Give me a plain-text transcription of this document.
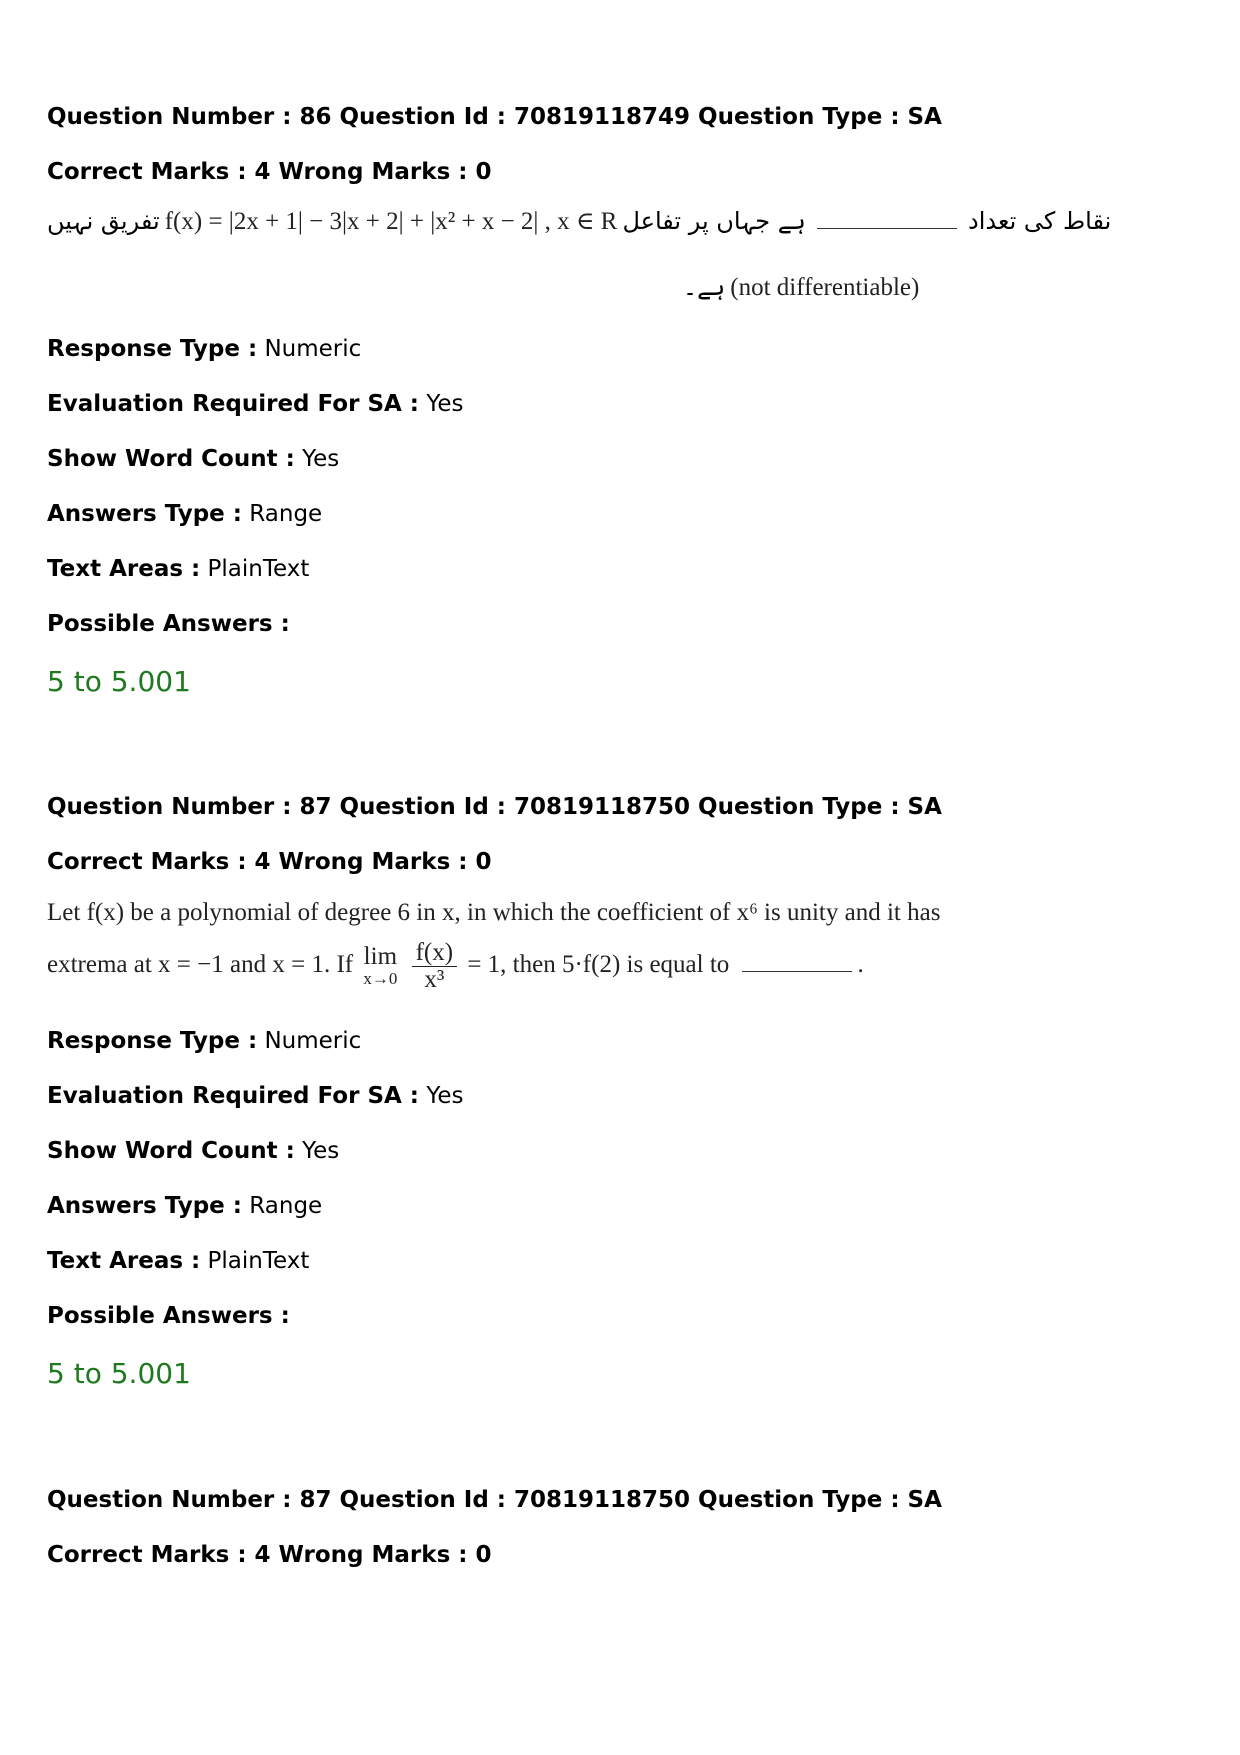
Question Number : 86 Question Id : 70819118749 Question Type : SA
Correct Marks : 4 Wrong Marks : 0
تفریق نہیں f(x) = |2x + 1| − 3|x + 2| + |x² + x − 2| , x ∈ R ہے جہاں پر تفاعل	نقاط کی تعداد
ہے۔ (not differentiable)
Response Type : Numeric
Evaluation Required For SA : Yes
Show Word Count : Yes
Answers Type : Range
Text Areas : PlainText
Possible Answers :
5 to 5.001
Question Number : 87 Question Id : 70819118750 Question Type : SA
Correct Marks : 4 Wrong Marks : 0
Let f(x) be a polynomial of degree 6 in x, in which the coefficient of x⁶ is unity and it has
extrema at x = −1 and x = 1. If lim
x→0
$\frac{f(x)}{\text{x³}} = 1$, then 5·f(2) is equal to	.
Response Type : Numeric
Evaluation Required For SA : Yes
Show Word Count : Yes
Answers Type : Range
Text Areas : PlainText
Possible Answers :
5 to 5.001
Question Number : 87 Question Id : 70819118750 Question Type : SA
Correct Marks : 4 Wrong Marks : 0
